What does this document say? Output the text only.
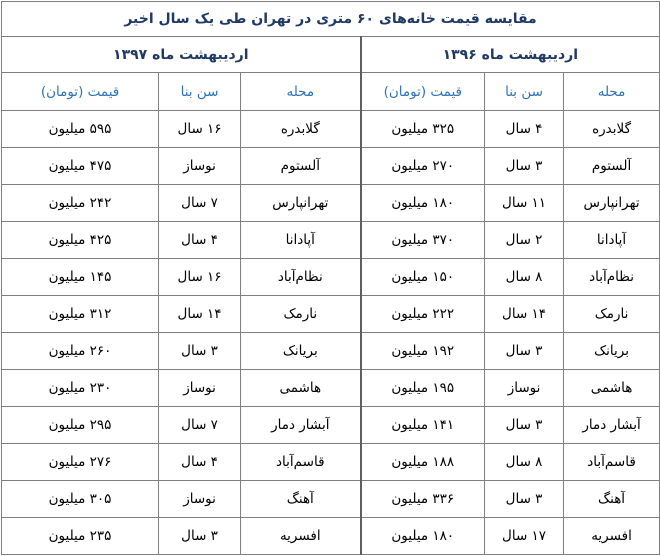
مقایسه قیمت خانه‌های ۶۰ متری در تهران طی یک سال اخیر					
اردیبهشت ماه ۱۳۹۶			اردیبهشت ماه ۱۳۹۷		
محله	سن بنا	قیمت (تومان)	محله	سن بنا	قیمت (تومان)
گلابدره	۴ سال	۳۲۵ میلیون	گلابدره	۱۶ سال	۵۹۵ میلیون
آلستوم	۳ سال	۲۷۰ میلیون	آلستوم	نوساز	۴۷۵ میلیون
تهرانپارس	۱۱ سال	۱۸۰ میلیون	تهرانپارس	۷ سال	۲۴۲ میلیون
آپادانا	۲ سال	۳۷۰ میلیون	آپادانا	۴ سال	۴۲۵ میلیون
نظام‌آباد	۸ سال	۱۵۰ میلیون	نظام‌آباد	۱۶ سال	۱۴۵ میلیون
نارمک	۱۴ سال	۲۲۲ میلیون	نارمک	۱۴ سال	۳۱۲ میلیون
بریانک	۳ سال	۱۹۲ میلیون	بریانک	۳ سال	۲۶۰ میلیون
هاشمی	نوساز	۱۹۵ میلیون	هاشمی	نوساز	۲۳۰ میلیون
آبشار دمار	۳ سال	۱۴۱ میلیون	آبشار دمار	۷ سال	۲۹۵ میلیون
قاسم‌آباد	۸ سال	۱۸۸ میلیون	قاسم‌آباد	۴ سال	۲۷۶ میلیون
آهنگ	۳ سال	۳۳۶ میلیون	آهنگ	نوساز	۳۰۵ میلیون
افسریه	۱۷ سال	۱۸۰ میلیون	افسریه	۳ سال	۲۳۵ میلیون
